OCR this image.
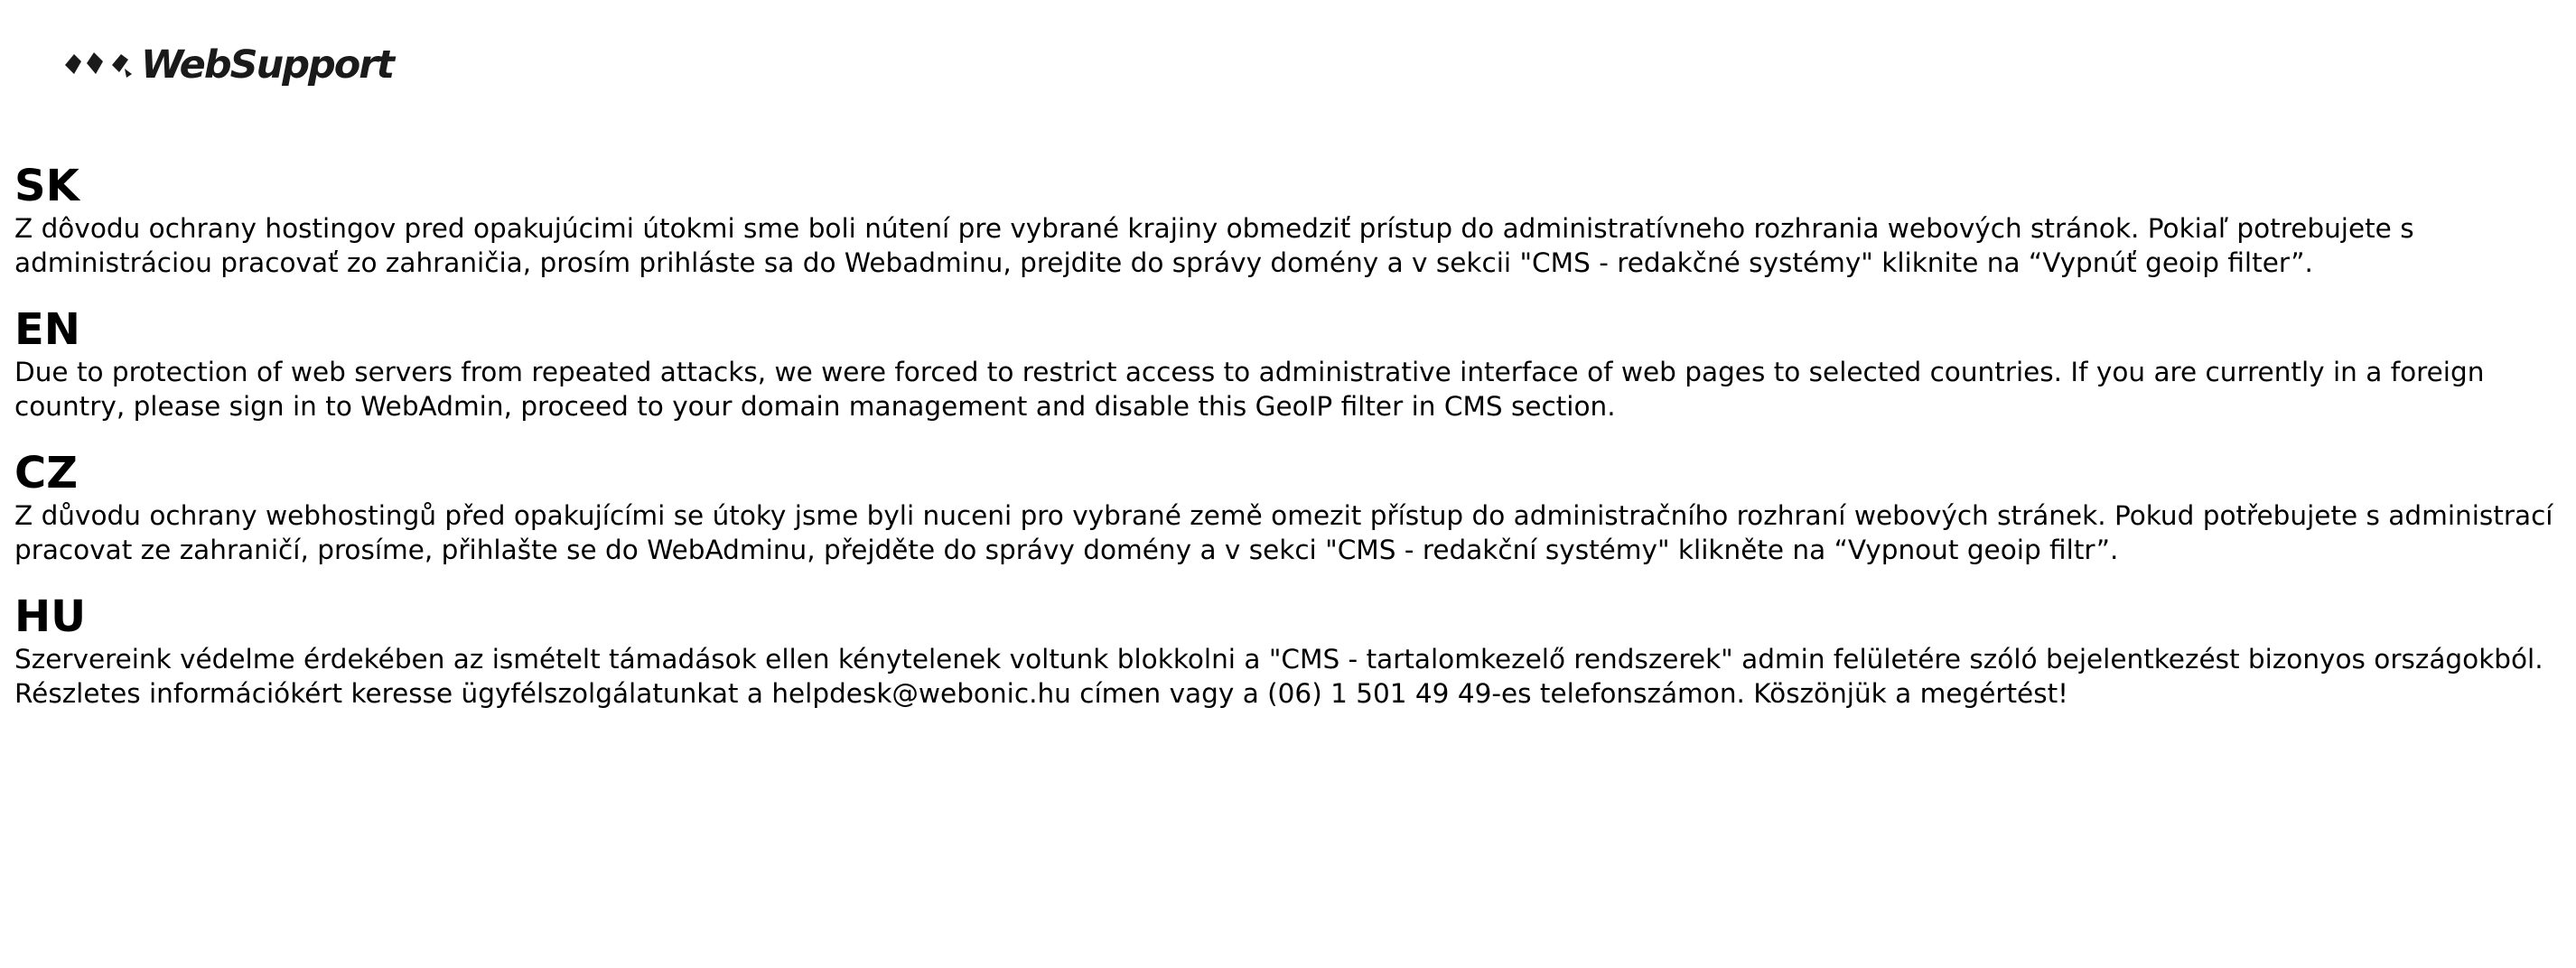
WebSupport
SK
Z dôvodu ochrany hostingov pred opakujúcimi útokmi sme boli nútení pre vybrané krajiny obmedziť prístup do administratívneho rozhrania webových stránok. Pokiaľ potrebujete s administráciou pracovať zo zahraničia, prosím prihláste sa do Webadminu, prejdite do správy domény a v sekcii "CMS - redakčné systémy" kliknite na “Vypnúť geoip filter”.
EN
Due to protection of web servers from repeated attacks, we were forced to restrict access to administrative interface of web pages to selected countries. If you are currently in a foreign country, please sign in to WebAdmin, proceed to your domain management and disable this GeoIP filter in CMS section.
CZ
Z důvodu ochrany webhostingů před opakujícími se útoky jsme byli nuceni pro vybrané země omezit přístup do administračního rozhraní webových stránek. Pokud potřebujete s administrací pracovat ze zahraničí, prosíme, přihlašte se do WebAdminu, přejděte do správy domény a v sekci "CMS - redakční systémy" klikněte na “Vypnout geoip filtr”.
HU
Szervereink védelme érdekében az ismételt támadások ellen kénytelenek voltunk blokkolni a "CMS - tartalomkezelő rendszerek" admin felületére szóló bejelentkezést bizonyos országokból. Részletes információkért keresse ügyfélszolgálatunkat a helpdesk@webonic.hu címen vagy a (06) 1 501 49 49-es telefonszámon. Köszönjük a megértést!
